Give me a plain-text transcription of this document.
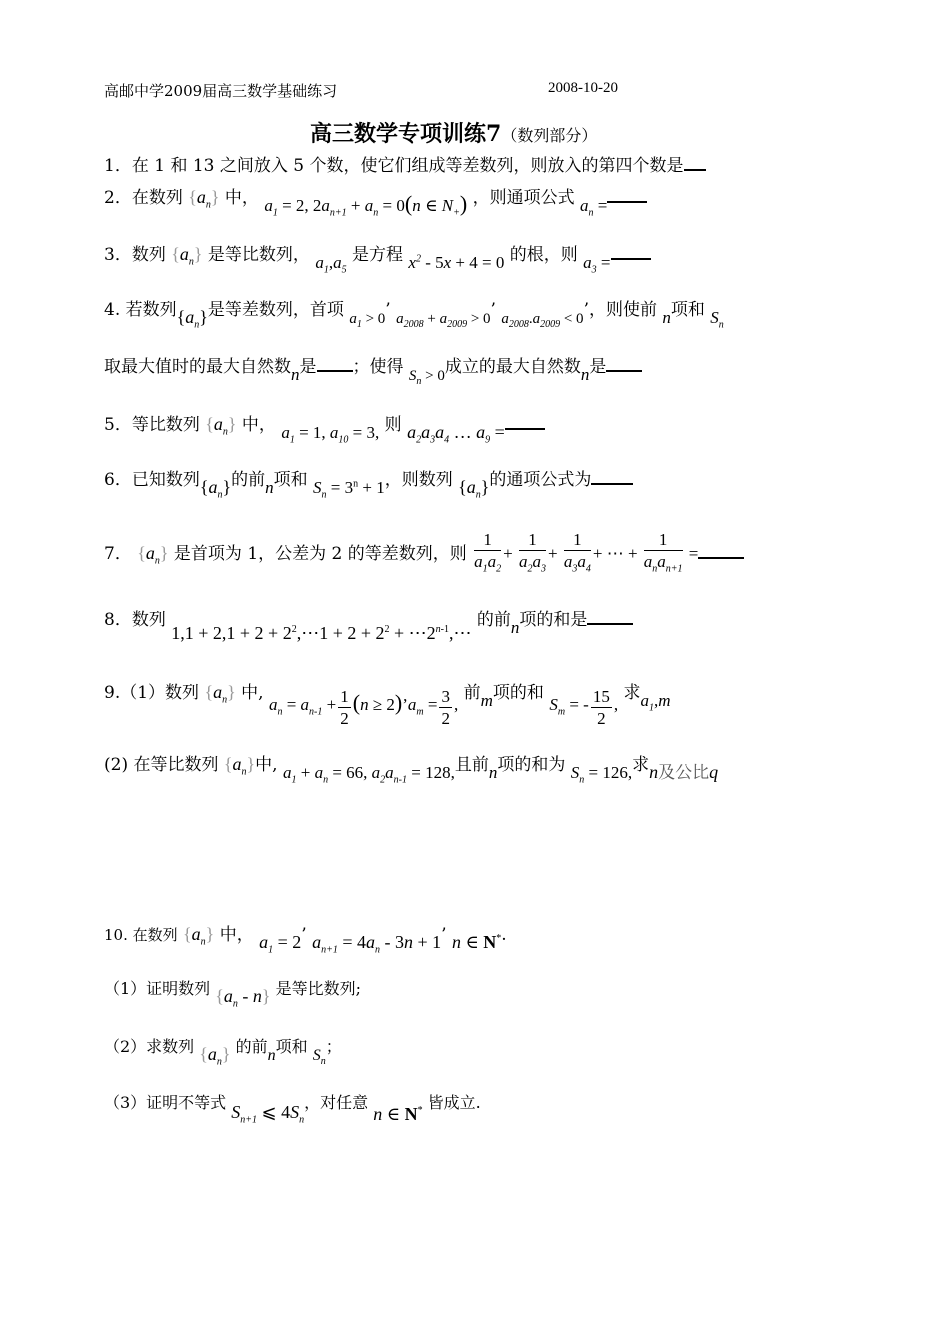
高邮中学2009届高三数学基础练习	2008-10-20
高三数学专项训练7（数列部分）
1．在 1 和 13 之间放入 5 个数，使它们组成等差数列，则放入的第四个数是
2．在数列 $\{a_n\}$ 中， $a_1 = 2$, $2a_{n+1} + a_n = 0(n$ ∈ $N_+$) ，则通项公式 $a_n$ =
3．数列 $\{a_n\}$ 是等比数列， $a_1,a_5$ 是方程 $x^2 - 5x + 4 = 0$ 的根，则 $a_3$ =
4. 若数列$\{a_n\}$是等差数列，首项 $a_1 > 0$’ $a_{2008} + a_{2009} > 0$’ $a_{2008}.a_{2009} < 0$’，则使前 n项和 $S_n$
取最大值时的最大自然数n是 ；使得 $S_n > 0$成立的最大自然数n是
5．等比数列 $\{a_n\}$ 中， $a_1 = 1$, $a_{10} = 3$, 则 $a_2a_3a_4$ … $a_9$ =
6．已知数列$\{a_n\}$的前n项和 $S_n = 3^n + 1$，则数列 $\{a_n\}$的通项公式为
7． $\{a_n\}$ 是首项为 1，公差为 2 的等差数列，则 $\frac{1}{a_1a_2} + \frac{1}{a_2a_3} + \frac{1}{a_3a_4}$ + ⋯ + $\frac{1}{a_na_{n+1}}$ =
8．数列 $1,1 + 2,1 + 2 + 2^2,\cdots 1 + 2 + 2^2$ + $\cdots 2^{n-1},\cdots$ 的前n项的和是
9.（1）数列 $\{a_n\}$ 中, $a_n = a_{n-1} + \frac{1}{2} (n$ ≥ $2)’a_m = \frac{3}{2}$ , 前m项的和 $S_m$ = - $\frac{15}{2}$ , 求$a_1,m$
(2) 在等比数列 $\{a_n\}$中, $a_1 + a_n = 66$, $a_2a_{n-1} = 128$,且前n项的和为 $S_n = 126$,求n及公比q
10. 在数列 $\{a_n\}$ 中， $a_1 = 2$’ $a_{n+1} = 4a_n - 3n + 1$’ n ∈ N*.
（1）证明数列 $\{a_n - n\}$ 是等比数列;
（2）求数列 $\{a_n\}$ 的前n项和 $S_n$；
（3）证明不等式 $S_{n+1}$ ⩽ $4S_n$，对任意 n ∈ N* 皆成立.
